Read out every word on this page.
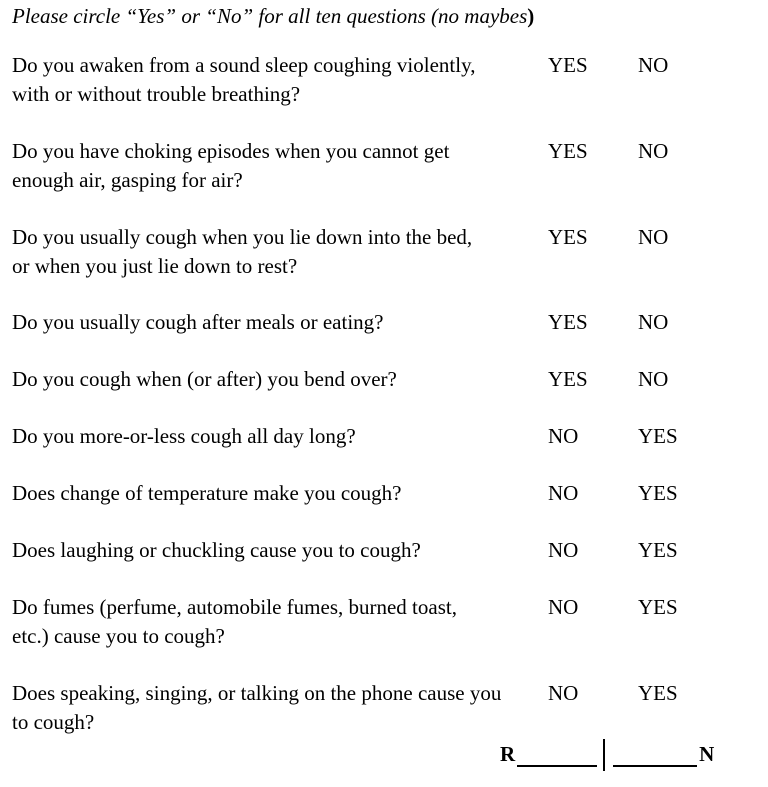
Please circle “Yes” or “No” for all ten questions (no maybes)
Do you awaken from a sound sleep coughing violently, with or without trouble breathing?
YES NO
Do you have choking episodes when you cannot get enough air, gasping for air?
YES NO
Do you usually cough when you lie down into the bed, or when you just lie down to rest?
YES NO
Do you usually cough after meals or eating?	YES NO
Do you cough when (or after) you bend over?	YES NO
Do you more-or-less cough all day long?	NO	YES
Does change of temperature make you cough?	NO	YES
Does laughing or chuckling cause you to cough?	NO	YES
Do fumes (perfume, automobile fumes, burned toast, etc.) cause you to cough?
NO	YES
Does speaking, singing, or talking on the phone cause you to cough?
NO	YES
R	N
